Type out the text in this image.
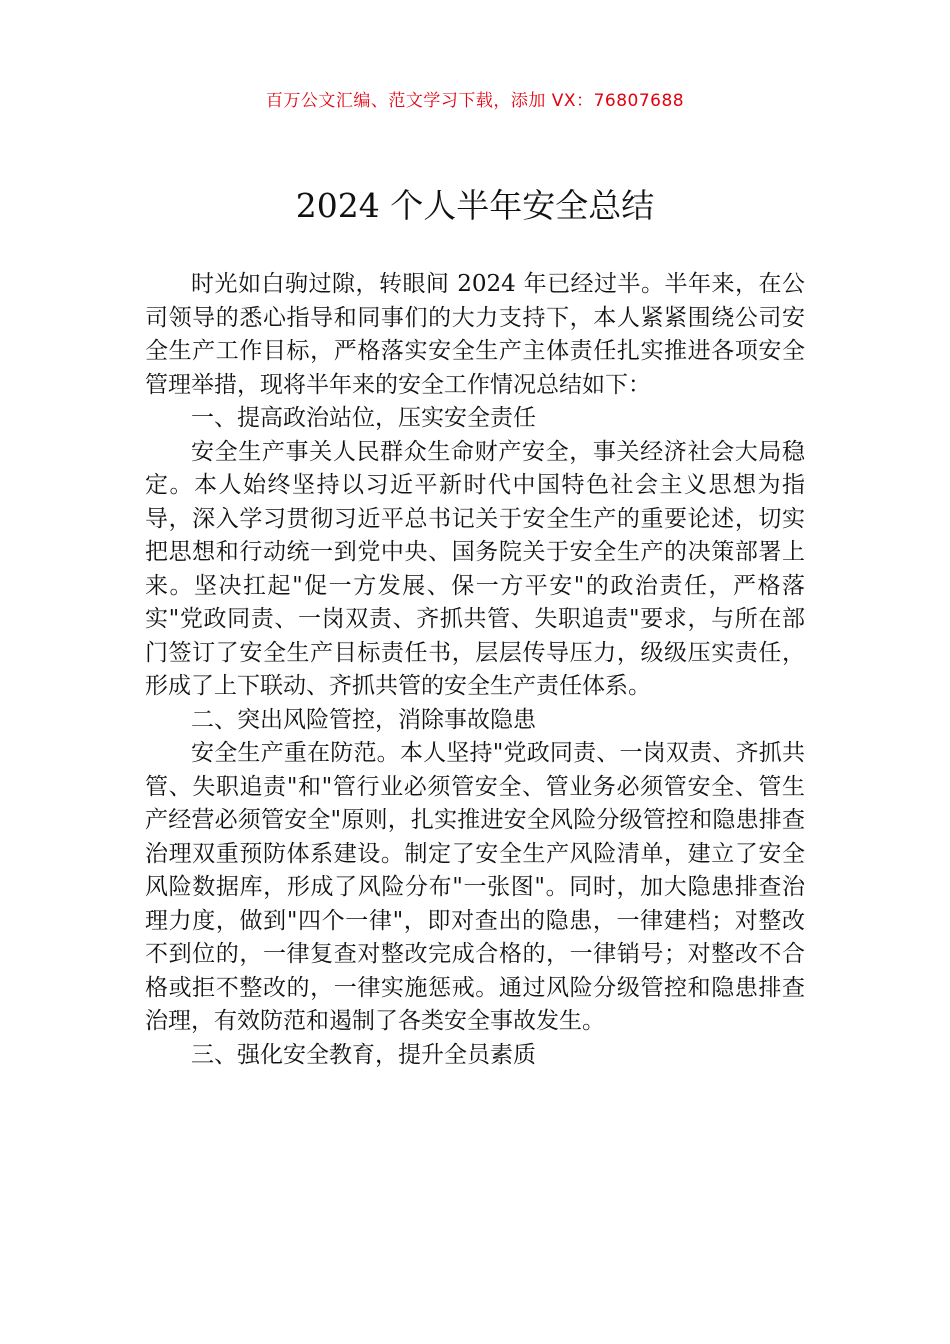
百万公文汇编、范文学习下载，添加 VX：76807688
2024 个人半年安全总结

时光如白驹过隙，转眼间 2024 年已经过半。半年来，在公司领导的悉心指导和同事们的大力支持下，本人紧紧围绕公司安全生产工作目标，严格落实安全生产主体责任扎实推进各项安全管理举措，现将半年来的安全工作情况总结如下：

一、提高政治站位，压实安全责任

安全生产事关人民群众生命财产安全，事关经济社会大局稳定。本人始终坚持以习近平新时代中国特色社会主义思想为指导，深入学习贯彻习近平总书记关于安全生产的重要论述，切实把思想和行动统一到党中央、国务院关于安全生产的决策部署上来。坚决扛起"促一方发展、保一方平安"的政治责任，严格落实"党政同责、一岗双责、齐抓共管、失职追责"要求，与所在部门签订了安全生产目标责任书，层层传导压力，级级压实责任，形成了上下联动、齐抓共管的安全生产责任体系。

二、突出风险管控，消除事故隐患

安全生产重在防范。本人坚持"党政同责、一岗双责、齐抓共管、失职追责"和"管行业必须管安全、管业务必须管安全、管生产经营必须管安全"原则，扎实推进安全风险分级管控和隐患排查治理双重预防体系建设。制定了安全生产风险清单，建立了安全风险数据库，形成了风险分布"一张图"。同时，加大隐患排查治理力度，做到"四个一律"，即对查出的隐患，一律建档；对整改不到位的，一律复查对整改完成合格的，一律销号；对整改不合格或拒不整改的，一律实施惩戒。通过风险分级管控和隐患排查治理，有效防范和遏制了各类安全事故发生。

三、强化安全教育，提升全员素质
